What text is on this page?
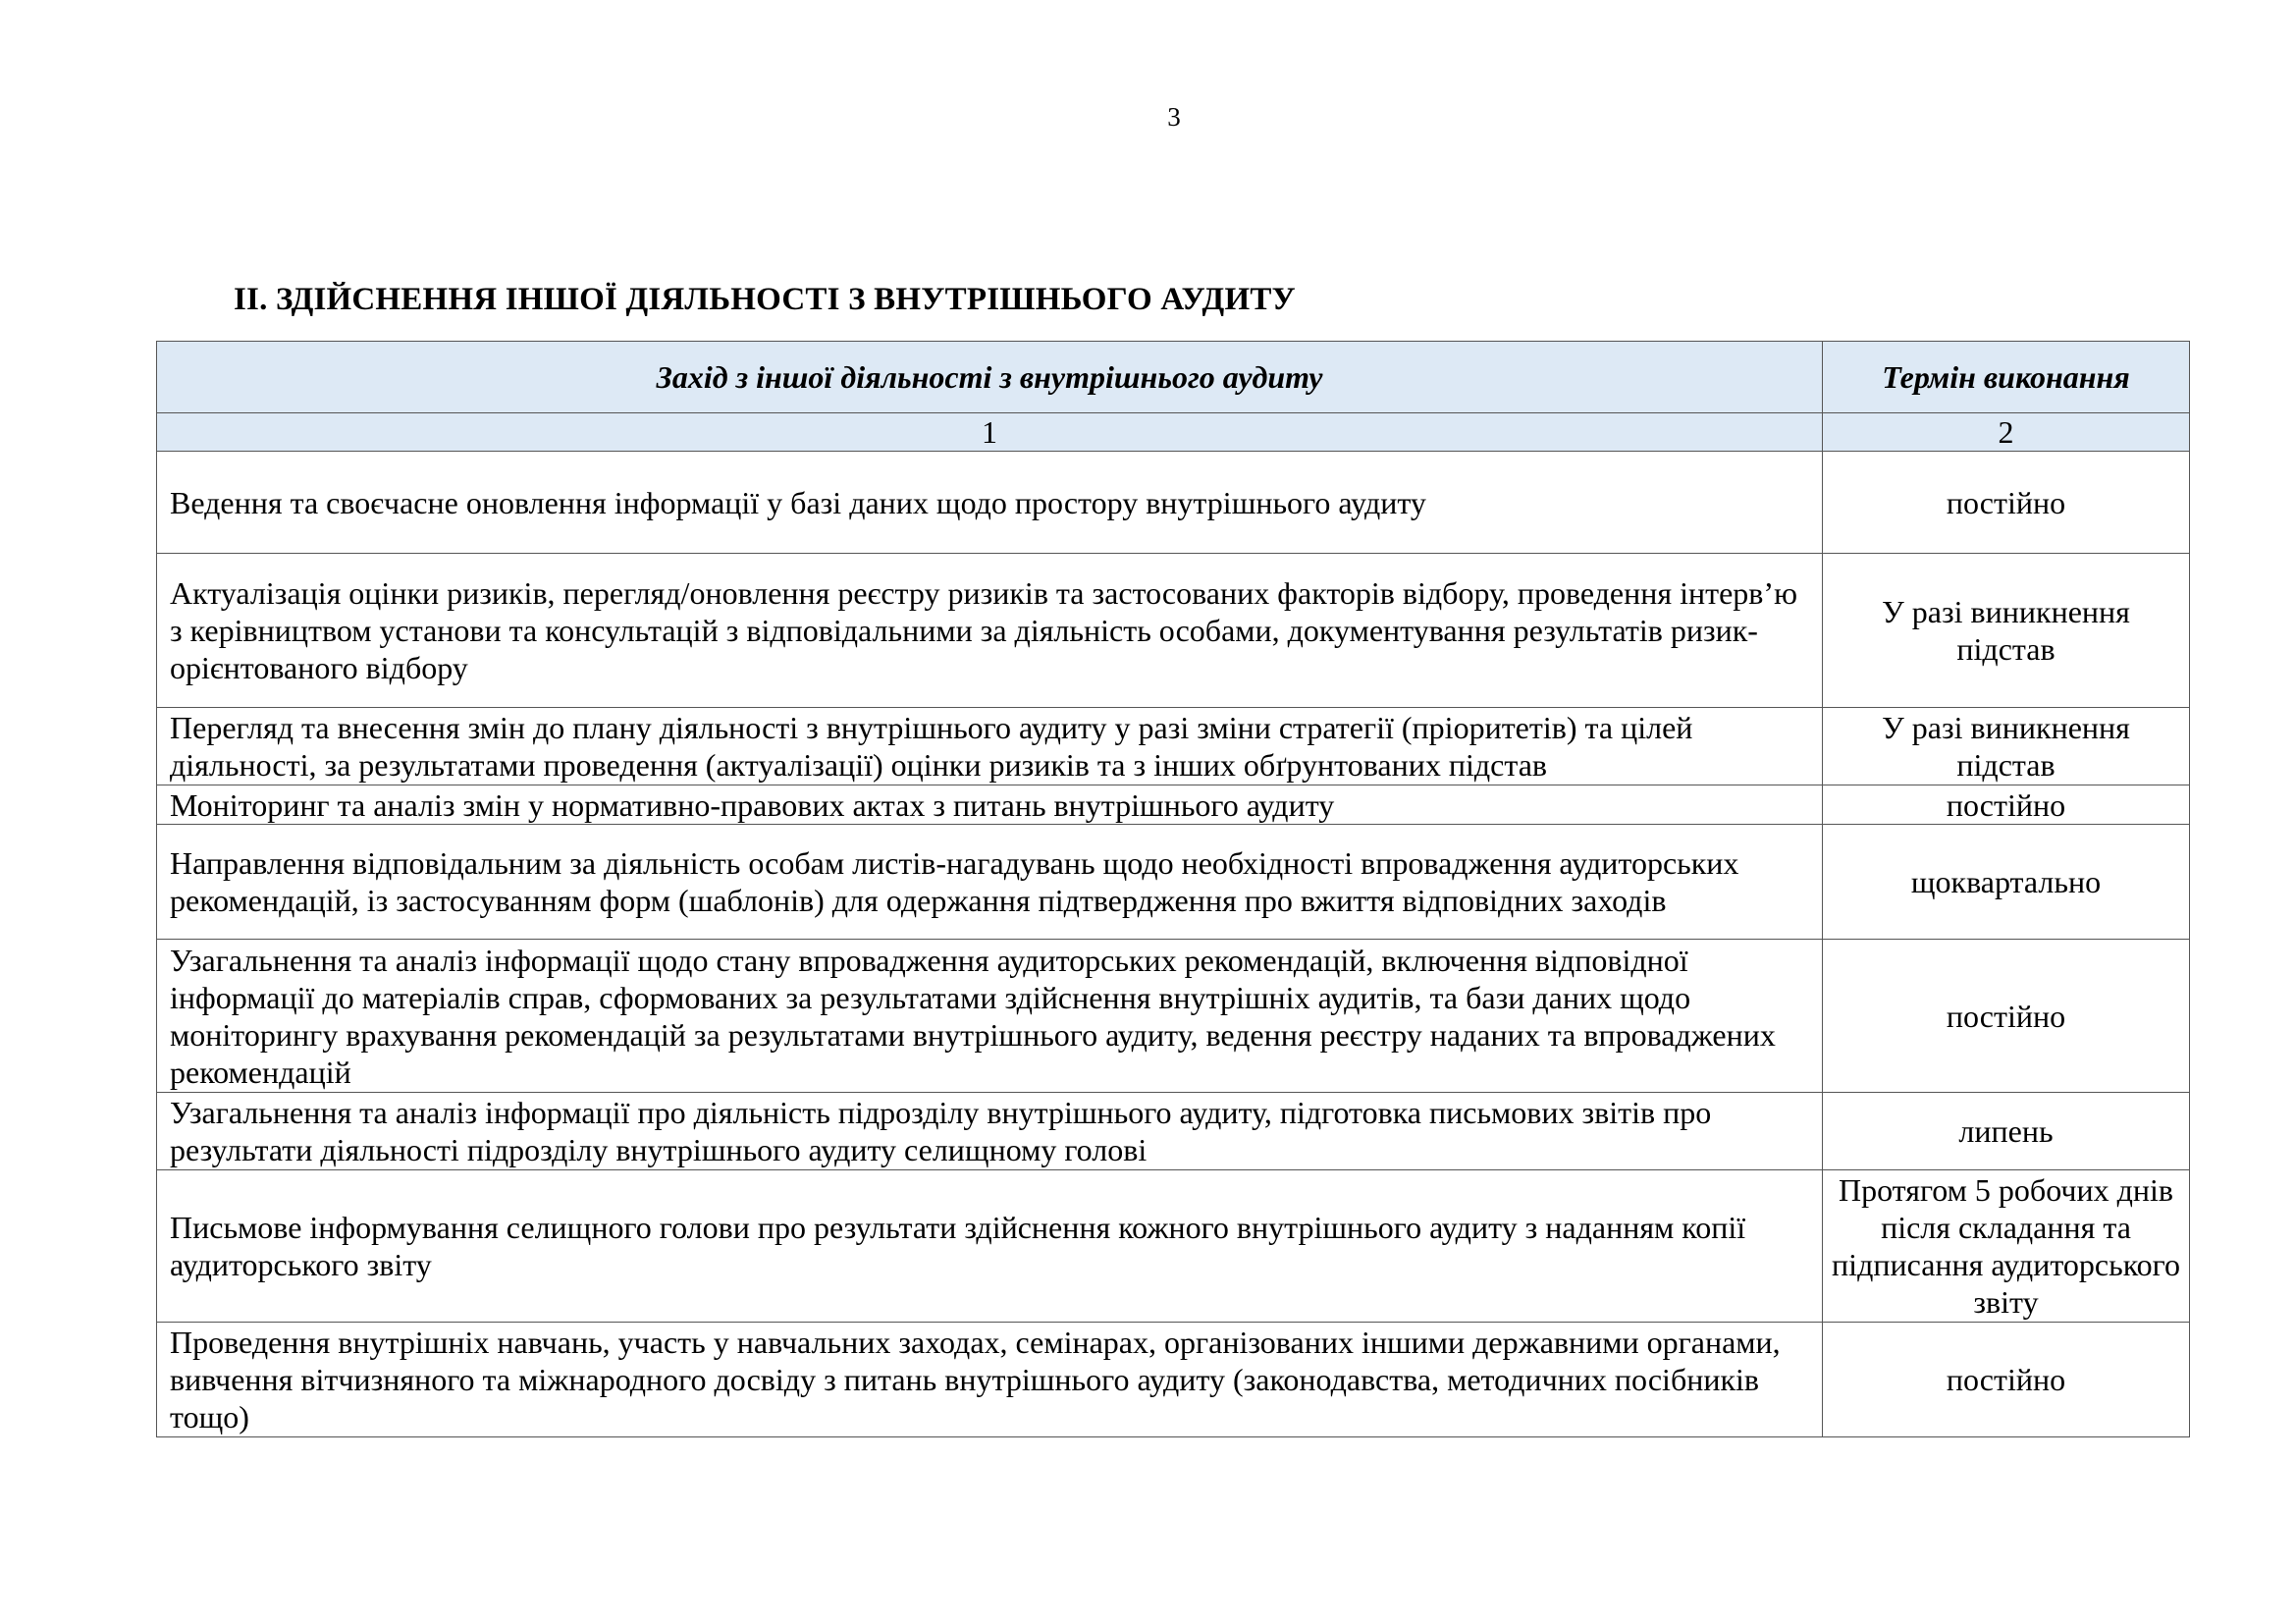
3
ІІ. ЗДІЙСНЕННЯ ІНШОЇ ДІЯЛЬНОСТІ З ВНУТРІШНЬОГО АУДИТУ
Захід з іншої діяльності з внутрішнього аудиту	Термін виконання
1	2
Ведення та своєчасне оновлення інформації у базі даних щодо простору внутрішнього аудиту	постійно
Актуалізація оцінки ризиків, перегляд/оновлення реєстру ризиків та застосованих факторів відбору, проведення інтерв’ю з керівництвом установи та консультацій з відповідальними за діяльність особами, документування результатів ризик-орієнтованого відбору	У разі виникнення підстав
Перегляд та внесення змін до плану діяльності з внутрішнього аудиту у разі зміни стратегії (пріоритетів) та цілей діяльності, за результатами проведення (актуалізації) оцінки ризиків та з інших обґрунтованих підстав	У разі виникнення підстав
Моніторинг та аналіз змін у нормативно-правових актах з питань внутрішнього аудиту	постійно
Направлення відповідальним за діяльність особам листів-нагадувань щодо необхідності впровадження аудиторських рекомендацій, із застосуванням форм (шаблонів) для одержання підтвердження про вжиття відповідних заходів	щоквартально
Узагальнення та аналіз інформації щодо стану впровадження аудиторських рекомендацій, включення відповідної інформації до матеріалів справ, сформованих за результатами здійснення внутрішніх аудитів, та бази даних щодо моніторингу врахування рекомендацій за результатами внутрішнього аудиту, ведення реєстру наданих та впроваджених рекомендацій	постійно
Узагальнення та аналіз інформації про діяльність підрозділу внутрішнього аудиту, підготовка письмових звітів про результати діяльності підрозділу внутрішнього аудиту селищному голові	липень
Письмове інформування селищного голови про результати здійснення кожного внутрішнього аудиту з наданням копії аудиторського звіту	Протягом 5 робочих днів після складання та підписання аудиторського звіту
Проведення внутрішніх навчань, участь у навчальних заходах, семінарах, організованих іншими державними органами, вивчення вітчизняного та міжнародного досвіду з питань внутрішнього аудиту (законодавства, методичних посібників тощо)	постійно
